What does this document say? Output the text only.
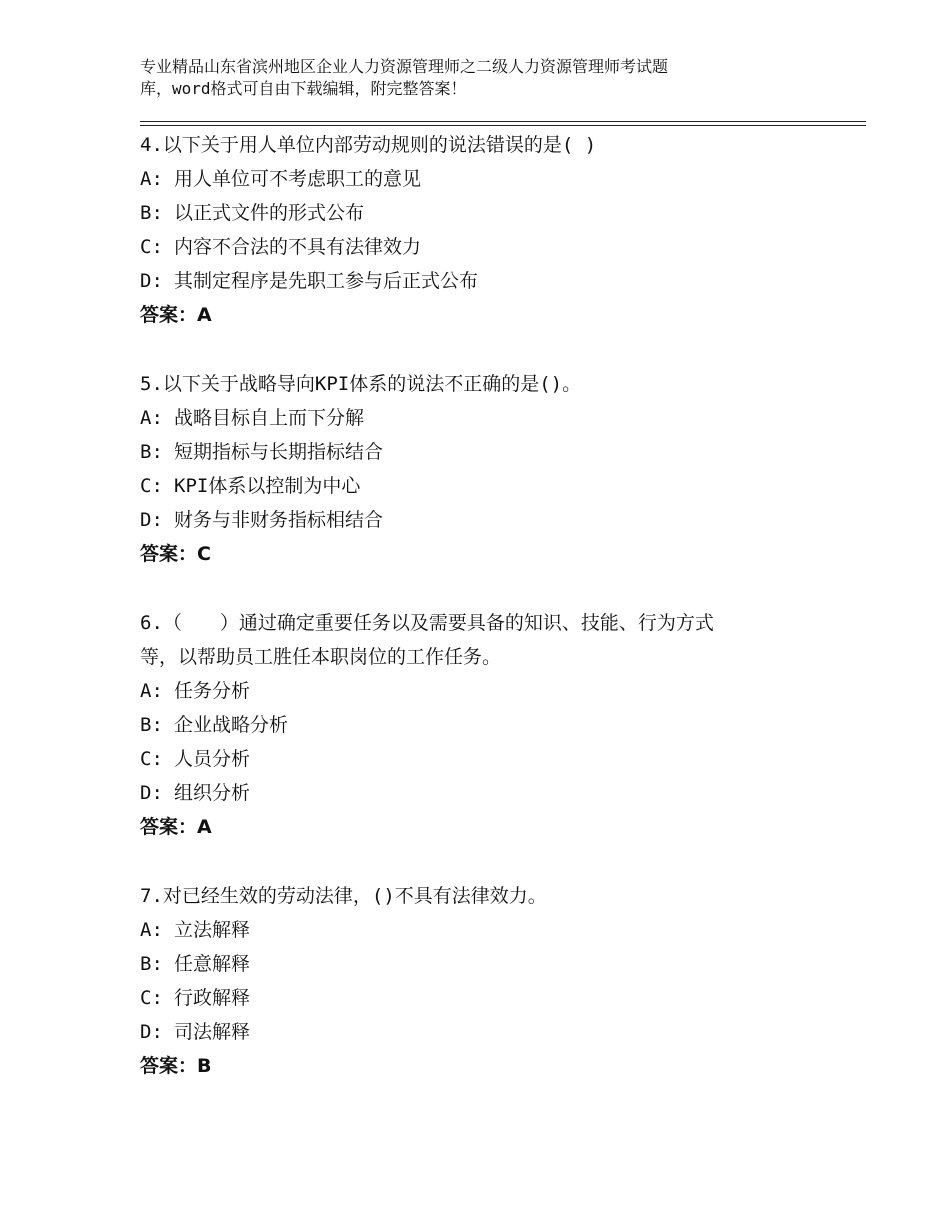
专业精品山东省滨州地区企业人力资源管理师之二级人力资源管理师考试题
库，word格式可自由下载编辑，附完整答案！
4.以下关于用人单位内部劳动规则的说法错误的是( )
A: 用人单位可不考虑职工的意见
B: 以正式文件的形式公布
C: 内容不合法的不具有法律效力
D: 其制定程序是先职工参与后正式公布
答案：A
5.以下关于战略导向KPI体系的说法不正确的是()。
A: 战略目标自上而下分解
B: 短期指标与长期指标结合
C: KPI体系以控制为中心
D: 财务与非财务指标相结合
答案：C
6.（　　）通过确定重要任务以及需要具备的知识、技能、行为方式
等，以帮助员工胜任本职岗位的工作任务。
A: 任务分析
B: 企业战略分析
C: 人员分析
D: 组织分析
答案：A
7.对已经生效的劳动法律，()不具有法律效力。
A: 立法解释
B: 任意解释
C: 行政解释
D: 司法解释
答案：B
